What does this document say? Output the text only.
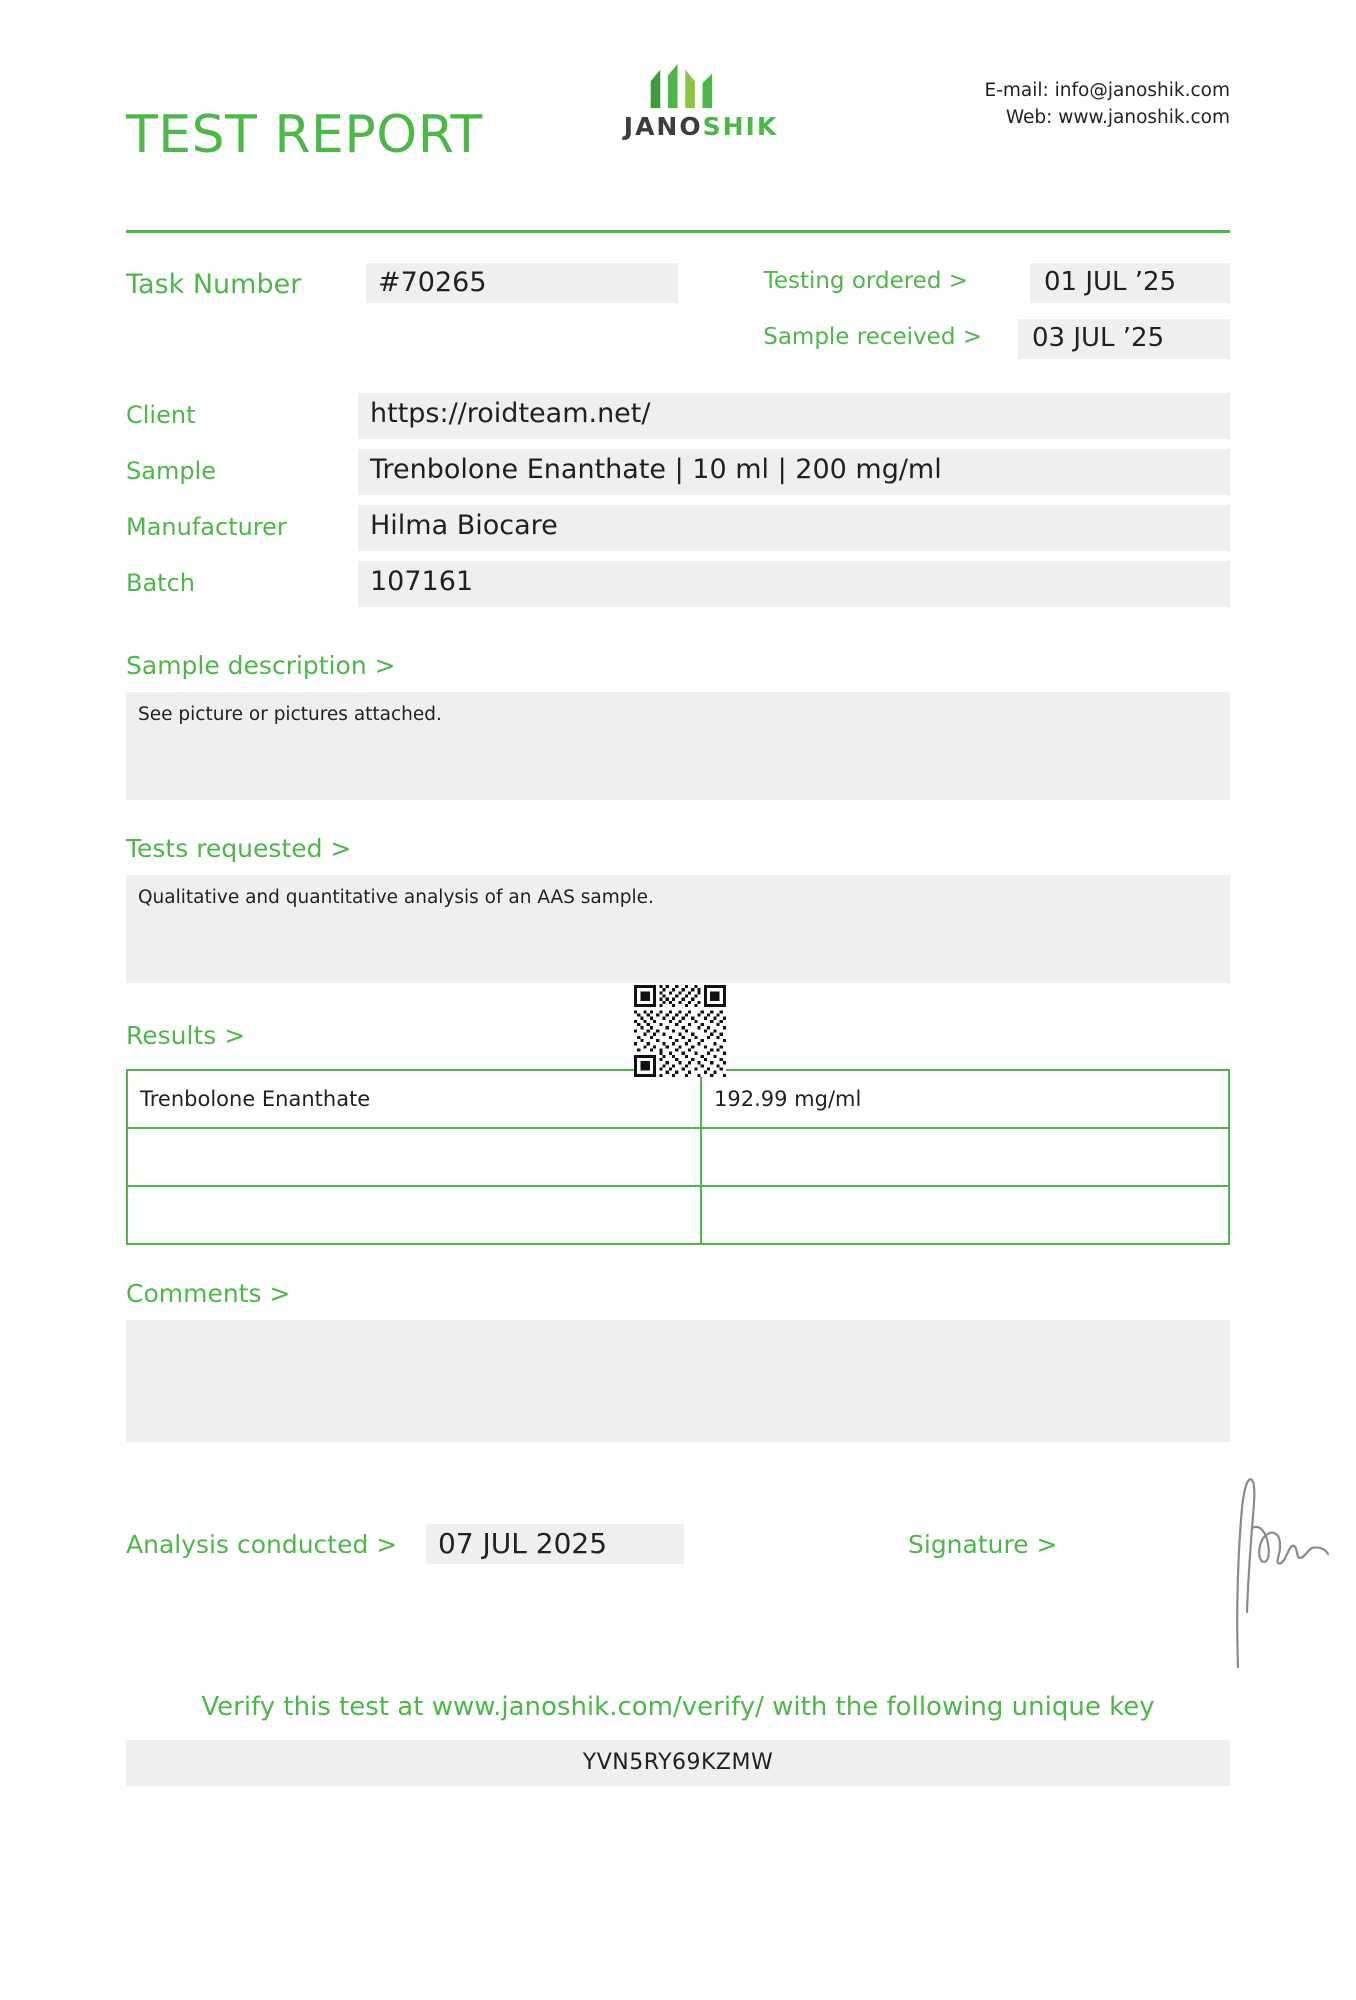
TEST REPORT	JANOSHIK
E-mail: info@janoshik.com
Web: www.janoshik.com
Task Number	#70265	Testing ordered >	01 JUL ’25
Sample received >	03 JUL ’25
Client	https://roidteam.net/
Sample	Trenbolone Enanthate | 10 ml | 200 mg/ml
Manufacturer	Hilma Biocare
Batch	107161
Sample description >
See picture or pictures attached.
Tests requested >
Qualitative and quantitative analysis of an AAS sample.
Results >
Trenbolone Enanthate	192.99 mg/ml

Comments >
Analysis conducted >	07 JUL 2025	Signature >
Verify this test at www.janoshik.com/verify/ with the following unique key
YVN5RY69KZMW
